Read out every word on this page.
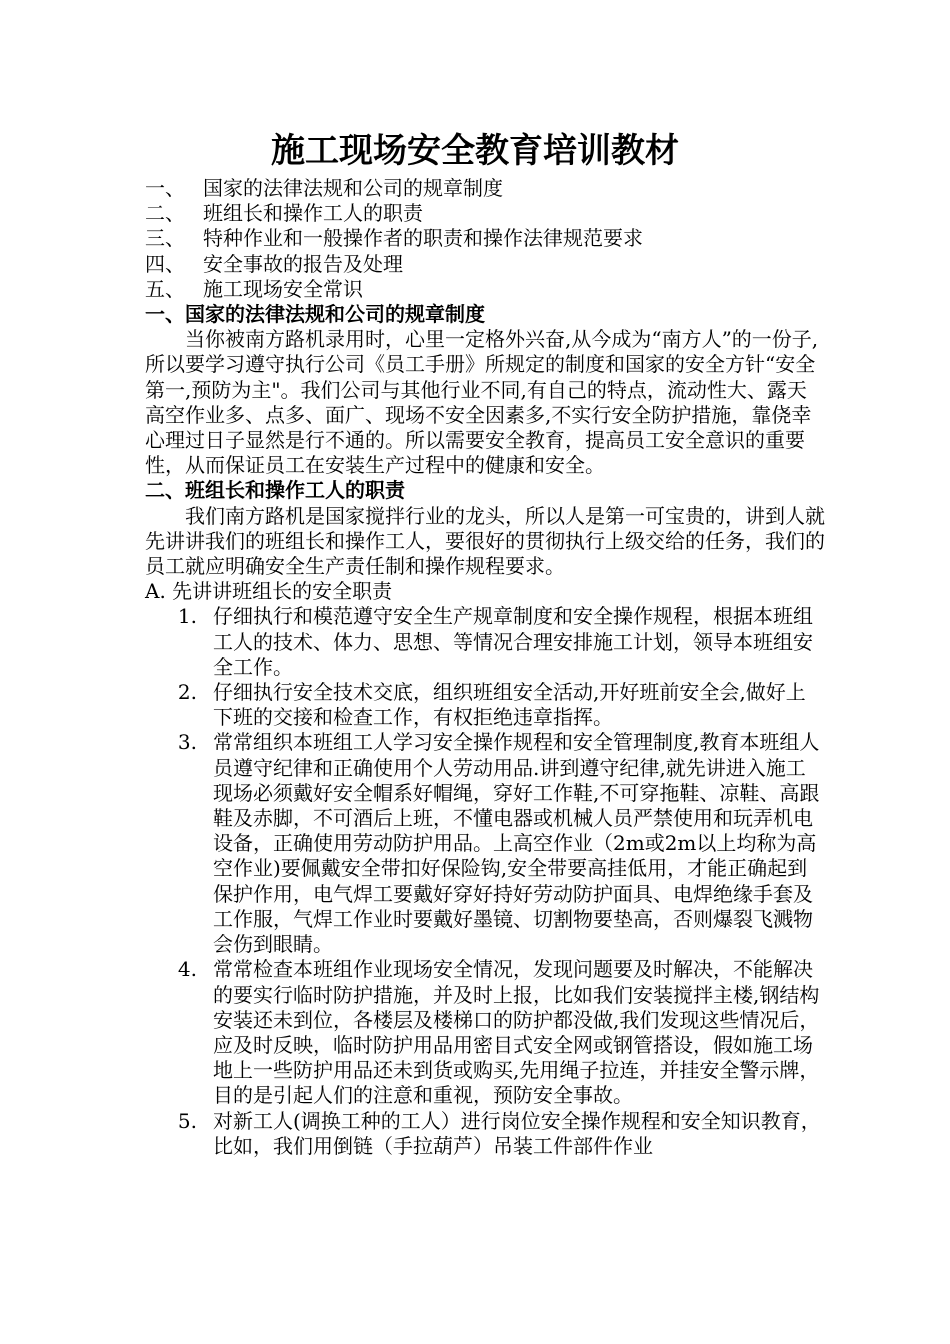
施工现场安全教育培训教材
一、 国家的法律法规和公司的规章制度
二、 班组长和操作工人的职责
三、 特种作业和一般操作者的职责和操作法律规范要求
四、 安全事故的报告及处理
五、 施工现场安全常识

一、国家的法律法规和公司的规章制度

当你被南方路机录用时，心里一定格外兴奋,从今成为“南方人”的一份子,所以要学习遵守执行公司《员工手册》所规定的制度和国家的安全方针“安全第一,预防为主"。我们公司与其他行业不同,有自己的特点，流动性大、露天高空作业多、点多、面广、现场不安全因素多,不实行安全防护措施，靠侥幸心理过日子显然是行不通的。所以需要安全教育，提高员工安全意识的重要性，从而保证员工在安装生产过程中的健康和安全。

二、班组长和操作工人的职责

我们南方路机是国家搅拌行业的龙头，所以人是第一可宝贵的，讲到人就先讲讲我们的班组长和操作工人，要很好的贯彻执行上级交给的任务，我们的员工就应明确安全生产责任制和操作规程要求。

A. 先讲讲班组长的安全职责

1. 仔细执行和模范遵守安全生产规章制度和安全操作规程，根据本班组工人的技术、体力、思想、等情况合理安排施工计划，领导本班组安全工作。
2. 仔细执行安全技术交底，组织班组安全活动,开好班前安全会,做好上下班的交接和检查工作，有权拒绝违章指挥。
3. 常常组织本班组工人学习安全操作规程和安全管理制度,教育本班组人员遵守纪律和正确使用个人劳动用品.讲到遵守纪律,就先讲进入施工现场必须戴好安全帽系好帽绳，穿好工作鞋,不可穿拖鞋、凉鞋、高跟鞋及赤脚，不可酒后上班，不懂电器或机械人员严禁使用和玩弄机电设备，正确使用劳动防护用品。上高空作业（2m或2m以上均称为高空作业)要佩戴安全带扣好保险钩,安全带要高挂低用，才能正确起到保护作用，电气焊工要戴好穿好持好劳动防护面具、电焊绝缘手套及工作服，气焊工作业时要戴好墨镜、切割物要垫高，否则爆裂飞溅物会伤到眼睛。
4. 常常检查本班组作业现场安全情况，发现问题要及时解决，不能解决的要实行临时防护措施，并及时上报，比如我们安装搅拌主楼,钢结构安装还未到位，各楼层及楼梯口的防护都没做,我们发现这些情况后，应及时反映，临时防护用品用密目式安全网或钢管搭设，假如施工场地上一些防护用品还未到货或购买,先用绳子拉连，并挂安全警示牌，目的是引起人们的注意和重视，预防安全事故。
5. 对新工人(调换工种的工人）进行岗位安全操作规程和安全知识教育，比如，我们用倒链（手拉葫芦）吊装工件部件作业
